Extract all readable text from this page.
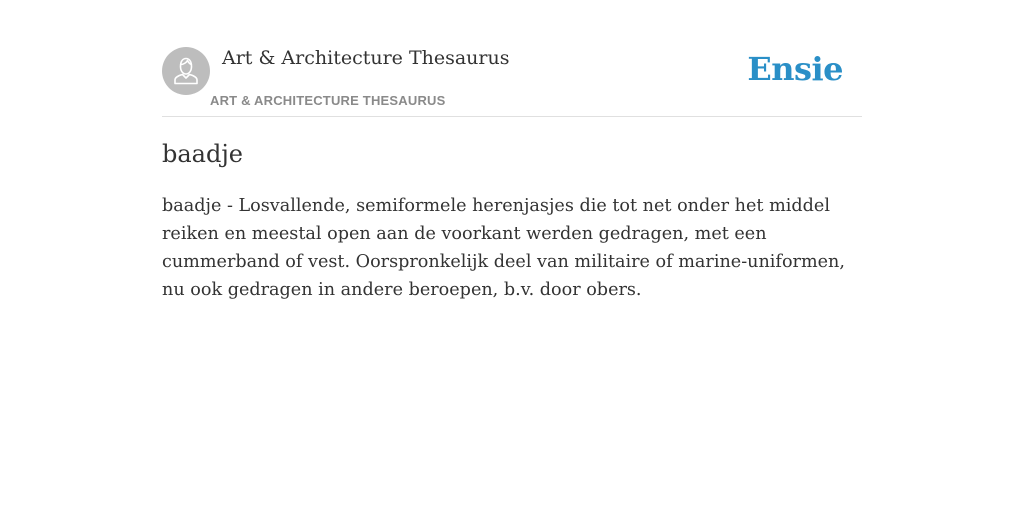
Art & Architecture Thesaurus
ART & ARCHITECTURE THESAURUS
Ensie
baadje

baadje - Losvallende, semiformele herenjasjes die tot net onder het middel reiken en meestal open aan de voorkant werden gedragen, met een cummerband of vest. Oorspronkelijk deel van militaire of marine-uniformen, nu ook gedragen in andere beroepen, b.v. door obers.
